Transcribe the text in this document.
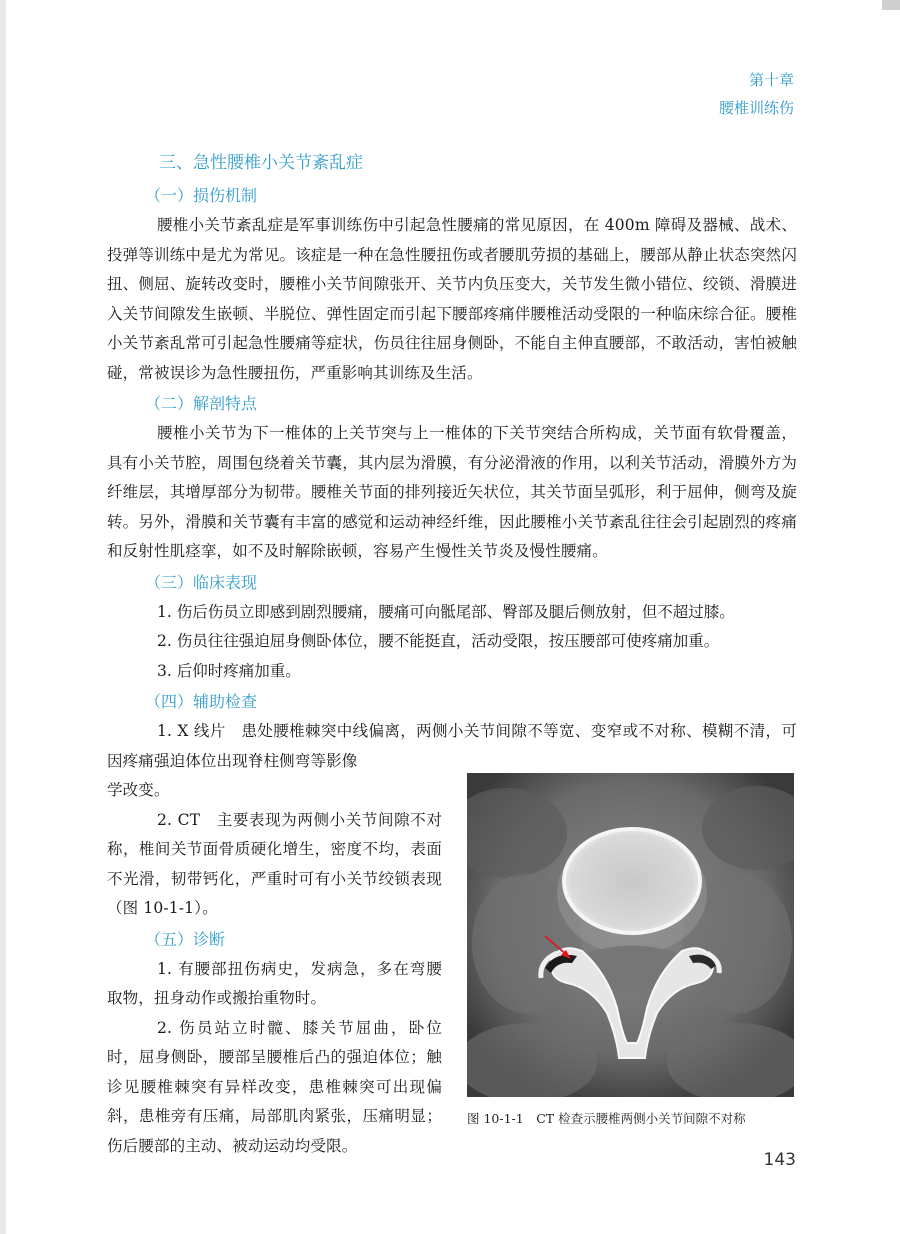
第十章
腰椎训练伤
三、急性腰椎小关节紊乱症
（一）损伤机制

腰椎小关节紊乱症是军事训练伤中引起急性腰痛的常见原因，在 400m 障碍及器械、战术、投弹等训练中是尤为常见。该症是一种在急性腰扭伤或者腰肌劳损的基础上，腰部从静止状态突然闪扭、侧屈、旋转改变时，腰椎小关节间隙张开、关节内负压变大，关节发生微小错位、绞锁、滑膜进入关节间隙发生嵌顿、半脱位、弹性固定而引起下腰部疼痛伴腰椎活动受限的一种临床综合征。腰椎小关节紊乱常可引起急性腰痛等症状，伤员往往屈身侧卧，不能自主伸直腰部，不敢活动，害怕被触碰，常被误诊为急性腰扭伤，严重影响其训练及生活。

（二）解剖特点

腰椎小关节为下一椎体的上关节突与上一椎体的下关节突结合所构成，关节面有软骨覆盖，具有小关节腔，周围包绕着关节囊，其内层为滑膜，有分泌滑液的作用，以利关节活动，滑膜外方为纤维层，其增厚部分为韧带。腰椎关节面的排列接近矢状位，其关节面呈弧形，利于屈伸，侧弯及旋转。另外，滑膜和关节囊有丰富的感觉和运动神经纤维，因此腰椎小关节紊乱往往会引起剧烈的疼痛和反射性肌痉挛，如不及时解除嵌顿，容易产生慢性关节炎及慢性腰痛。

（三）临床表现

1. 伤后伤员立即感到剧烈腰痛，腰痛可向骶尾部、臀部及腿后侧放射，但不超过膝。

2. 伤员往往强迫屈身侧卧体位，腰不能挺直，活动受限，按压腰部可使疼痛加重。

3. 后仰时疼痛加重。

（四）辅助检查

1. X 线片　患处腰椎棘突中线偏离，两侧小关节间隙不等宽、变窄或不对称、模糊不清，可因疼痛强迫体位出现脊柱侧弯等影像

学改变。

2. CT　主要表现为两侧小关节间隙不对称，椎间关节面骨质硬化增生，密度不均，表面不光滑，韧带钙化，严重时可有小关节绞锁表现（图 10-1-1）。

（五）诊断

1. 有腰部扭伤病史，发病急，多在弯腰取物，扭身动作或搬抬重物时。

2. 伤员站立时髋、膝关节屈曲，卧位时，屈身侧卧，腰部呈腰椎后凸的强迫体位；触诊见腰椎棘突有异样改变，患椎棘突可出现偏斜，患椎旁有压痛，局部肌肉紧张，压痛明显；伤后腰部的主动、被动运动均受限。

图 10-1-1　CT 检查示腰椎两侧小关节间隙不对称
143
